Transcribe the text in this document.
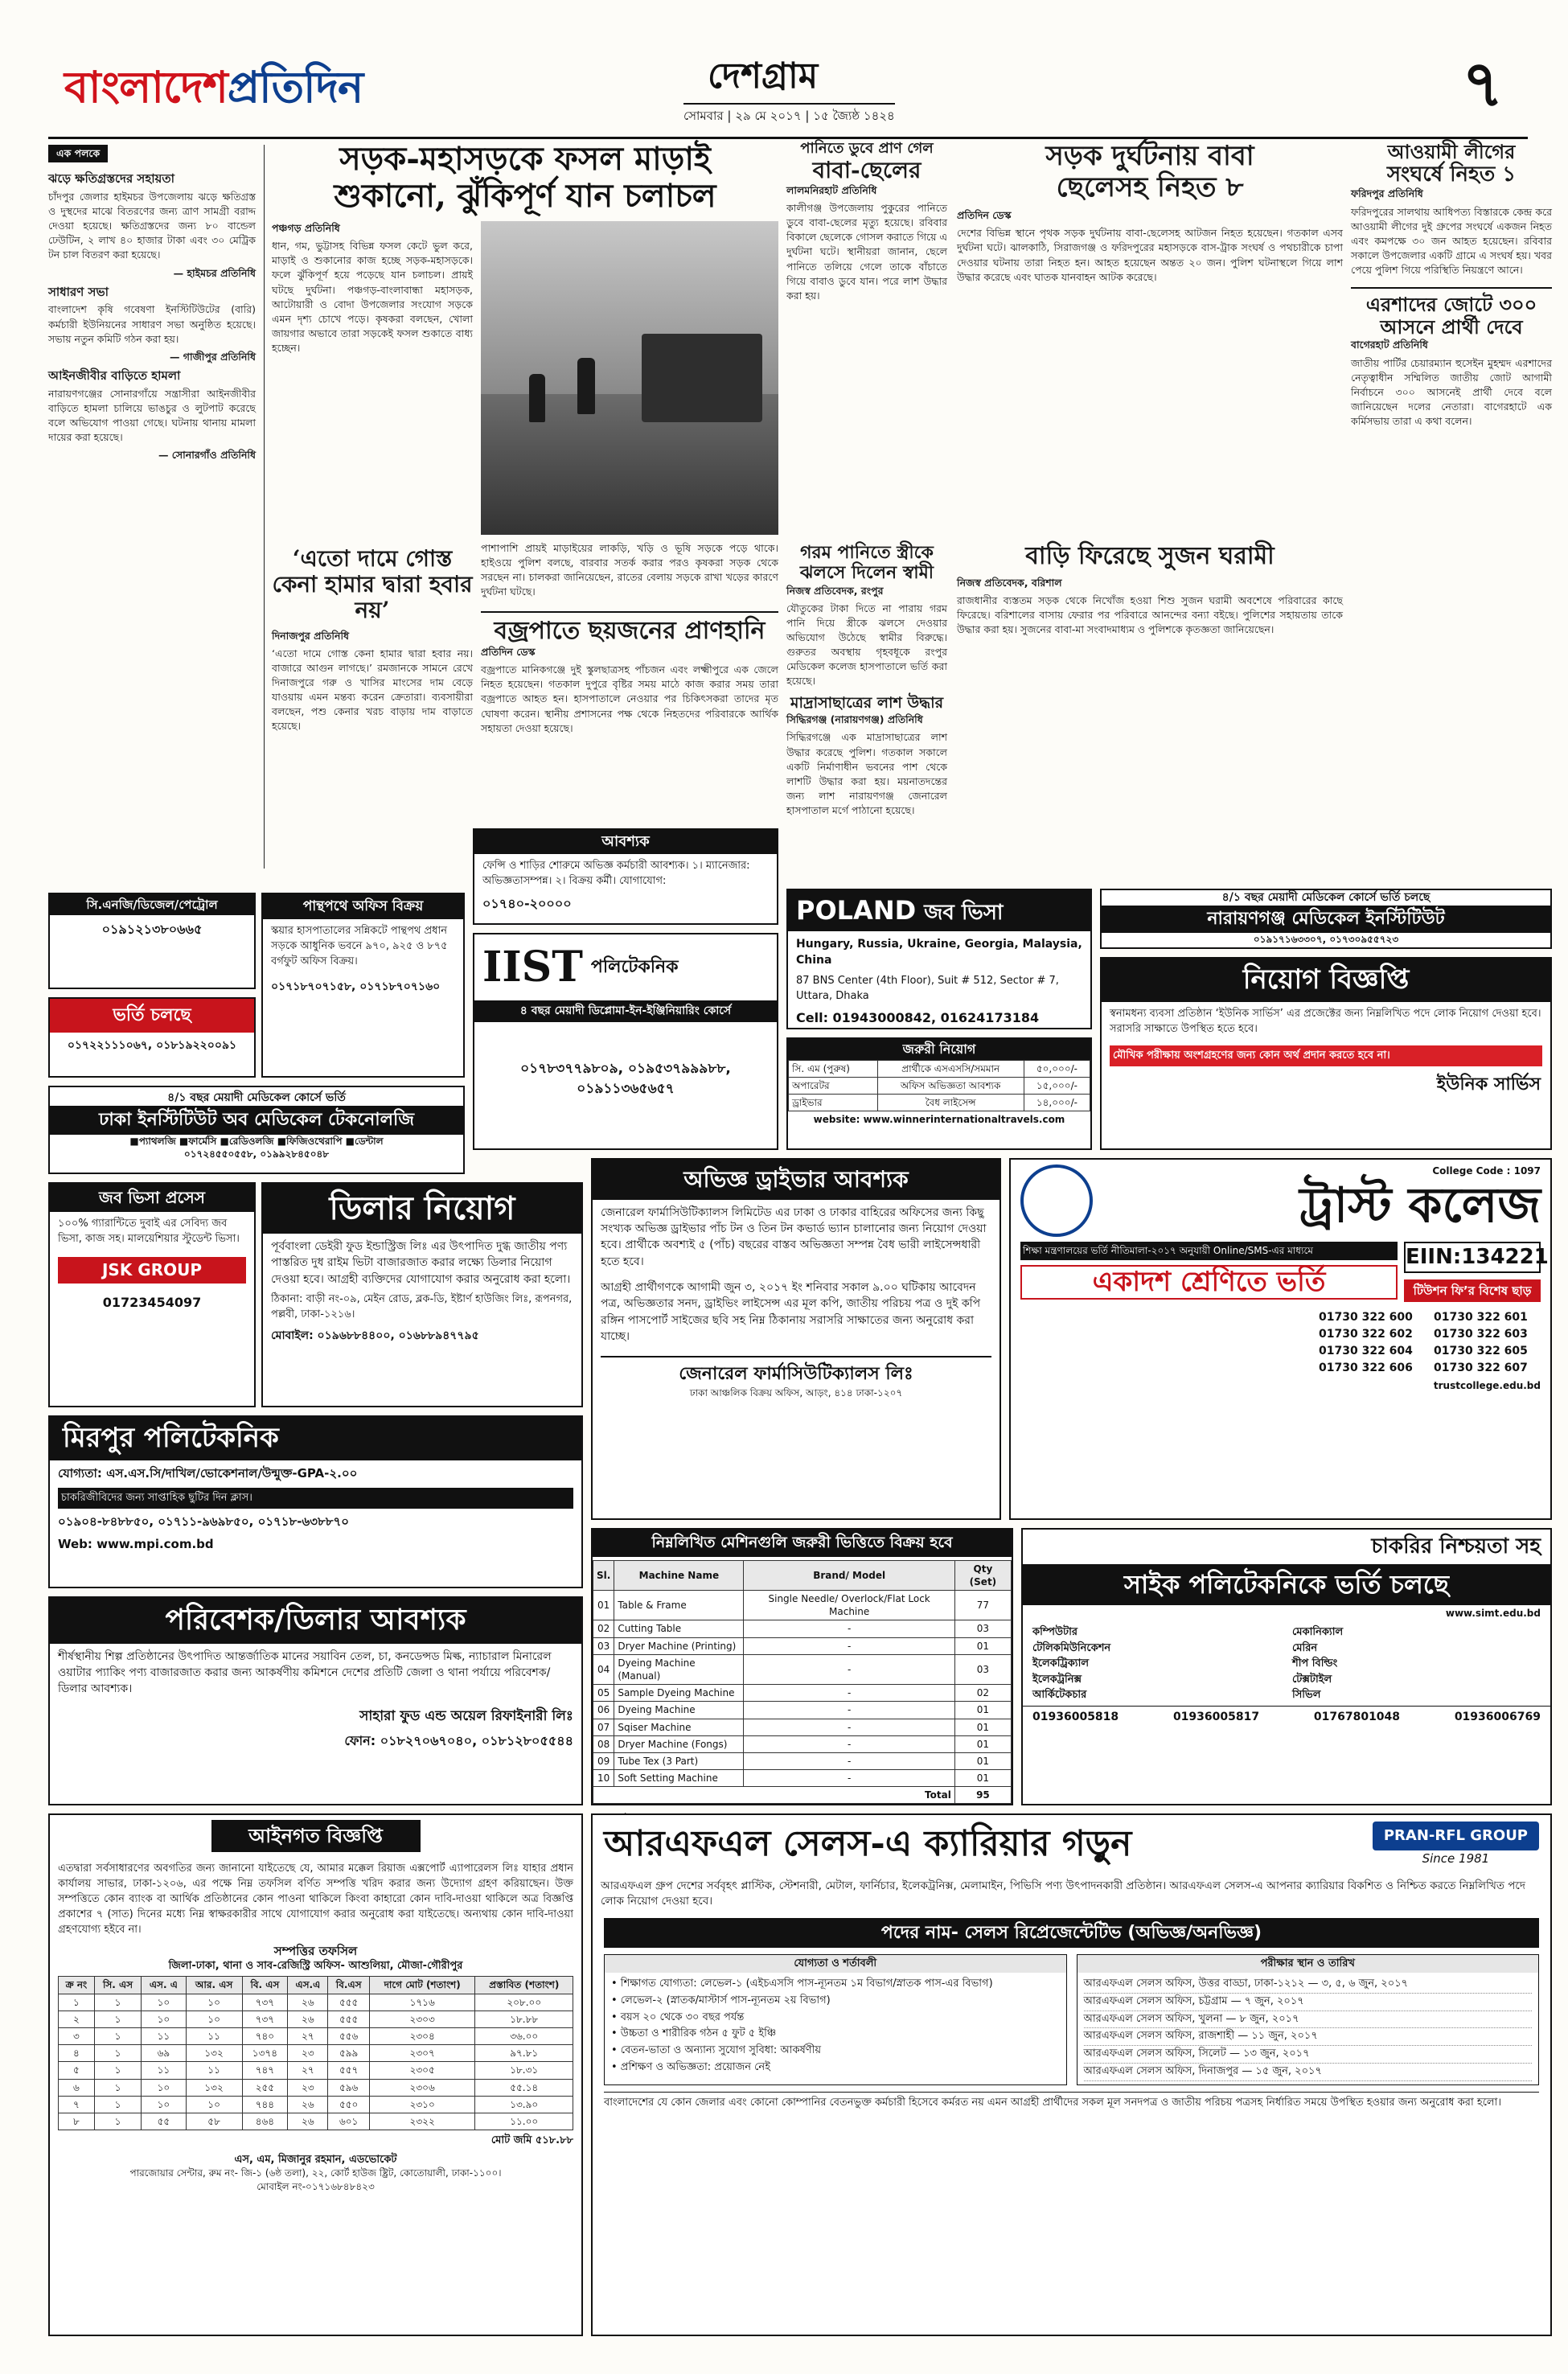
বাংলাদেশপ্রতিদিন	দেশগ্রাম
সোমবার | ২৯ মে ২০১৭ | ১৫ জ্যৈষ্ঠ ১৪২৪	৭
এক পলকে
ঝড়ে ক্ষতিগ্রস্তদের সহায়তা

চাঁদপুর জেলার হাইমচর উপজেলায় ঝড়ে ক্ষতিগ্রস্ত ও দুস্থদের মাঝে বিতরণের জন্য ত্রাণ সামগ্রী বরাদ্দ দেওয়া হয়েছে। ক্ষতিগ্রস্তদের জন্য ৮০ বান্ডেল ঢেউটিন, ২ লাখ ৪০ হাজার টাকা এবং ৩০ মেট্রিক টন চাল বিতরণ করা হয়েছে।

— হাইমচর প্রতিনিধি

সাধারণ সভা

বাংলাদেশ কৃষি গবেষণা ইনস্টিটিউটের (বারি) কর্মচারী ইউনিয়নের সাধারণ সভা অনুষ্ঠিত হয়েছে। সভায় নতুন কমিটি গঠন করা হয়।

— গাজীপুর প্রতিনিধি

আইনজীবীর বাড়িতে হামলা

নারায়ণগঞ্জের সোনারগাঁয়ে সন্ত্রাসীরা আইনজীবীর বাড়িতে হামলা চালিয়ে ভাঙচুর ও লুটপাট করেছে বলে অভিযোগ পাওয়া গেছে। ঘটনায় থানায় মামলা দায়ের করা হয়েছে।

— সোনারগাঁও প্রতিনিধি

সড়ক-মহাসড়কে ফসল মাড়াই
শুকানো, ঝুঁকিপূর্ণ যান চলাচল

পঞ্চগড় প্রতিনিধি

ধান, গম, ভুট্টাসহ বিভিন্ন ফসল কেটে ভুল করে, মাড়াই ও শুকানোর কাজ হচ্ছে সড়ক-মহাসড়কে। ফলে ঝুঁকিপূর্ণ হয়ে পড়েছে যান চলাচল। প্রায়ই ঘটছে দুর্ঘটনা। পঞ্চগড়-বাংলাবান্ধা মহাসড়ক, আটোয়ারী ও বোদা উপজেলার সংযোগ সড়কে এমন দৃশ্য চোখে পড়ে। কৃষকরা বলছেন, খোলা জায়গার অভাবে তারা সড়কেই ফসল শুকাতে বাধ্য হচ্ছেন।

‘এতো দামে গোস্ত কেনা হামার দ্বারা হবার নয়’

দিনাজপুর প্রতিনিধি

‘এতো দামে গোস্ত কেনা হামার দ্বারা হবার নয়। বাজারে আগুন লাগছে।’ রমজানকে সামনে রেখে দিনাজপুরে গরু ও খাসির মাংসের দাম বেড়ে যাওয়ায় এমন মন্তব্য করেন ক্রেতারা। ব্যবসায়ীরা বলছেন, পশু কেনার খরচ বাড়ায় দাম বাড়াতে হয়েছে।

পাশাপাশি প্রায়ই মাড়াইয়ের লাকড়ি, খড়ি ও ভূষি সড়কে পড়ে থাকে। হাইওয়ে পুলিশ বলছে, বারবার সতর্ক করার পরও কৃষকরা সড়ক থেকে সরছেন না। চালকরা জানিয়েছেন, রাতের বেলায় সড়কে রাখা খড়ের কারণে দুর্ঘটনা ঘটছে।

বজ্রপাতে ছয়জনের প্রাণহানি

প্রতিদিন ডেস্ক

বজ্রপাতে মানিকগঞ্জে দুই স্কুলছাত্রসহ পাঁচজন এবং লক্ষ্মীপুরে এক জেলে নিহত হয়েছেন। গতকাল দুপুরে বৃষ্টির সময় মাঠে কাজ করার সময় তারা বজ্রপাতে আহত হন। হাসপাতালে নেওয়ার পর চিকিৎসকরা তাদের মৃত ঘোষণা করেন। স্থানীয় প্রশাসনের পক্ষ থেকে নিহতদের পরিবারকে আর্থিক সহায়তা দেওয়া হয়েছে।

পানিতে ডুবে প্রাণ গেল
বাবা-ছেলের

লালমনিরহাট প্রতিনিধি

কালীগঞ্জ উপজেলায় পুকুরের পানিতে ডুবে বাবা-ছেলের মৃত্যু হয়েছে। রবিবার বিকালে ছেলেকে গোসল করাতে গিয়ে এ দুর্ঘটনা ঘটে। স্থানীয়রা জানান, ছেলে পানিতে তলিয়ে গেলে তাকে বাঁচাতে গিয়ে বাবাও ডুবে যান। পরে লাশ উদ্ধার করা হয়।

সড়ক দুর্ঘটনায় বাবা
ছেলেসহ নিহত ৮

প্রতিদিন ডেস্ক

দেশের বিভিন্ন স্থানে পৃথক সড়ক দুর্ঘটনায় বাবা-ছেলেসহ আটজন নিহত হয়েছেন। গতকাল এসব দুর্ঘটনা ঘটে। ঝালকাঠি, সিরাজগঞ্জ ও ফরিদপুরের মহাসড়কে বাস-ট্রাক সংঘর্ষ ও পথচারীকে চাপা দেওয়ার ঘটনায় তারা নিহত হন। আহত হয়েছেন অন্তত ২০ জন। পুলিশ ঘটনাস্থলে গিয়ে লাশ উদ্ধার করেছে এবং ঘাতক যানবাহন আটক করেছে।

আওয়ামী লীগের
সংঘর্ষে নিহত ১

ফরিদপুর প্রতিনিধি

ফরিদপুরের সালথায় আধিপত্য বিস্তারকে কেন্দ্র করে আওয়ামী লীগের দুই গ্রুপের সংঘর্ষে একজন নিহত এবং কমপক্ষে ৩০ জন আহত হয়েছেন। রবিবার সকালে উপজেলার একটি গ্রামে এ সংঘর্ষ হয়। খবর পেয়ে পুলিশ গিয়ে পরিস্থিতি নিয়ন্ত্রণে আনে।

এরশাদের জোটে ৩০০
আসনে প্রার্থী দেবে

বাগেরহাট প্রতিনিধি

জাতীয় পার্টির চেয়ারম্যান হুসেইন মুহম্মদ এরশাদের নেতৃত্বাধীন সম্মিলিত জাতীয় জোট আগামী নির্বাচনে ৩০০ আসনেই প্রার্থী দেবে বলে জানিয়েছেন দলের নেতারা। বাগেরহাটে এক কর্মিসভায় তারা এ কথা বলেন।

গরম পানিতে স্ত্রীকে
ঝলসে দিলেন স্বামী

নিজস্ব প্রতিবেদক, রংপুর

যৌতুকের টাকা দিতে না পারায় গরম পানি দিয়ে স্ত্রীকে ঝলসে দেওয়ার অভিযোগ উঠেছে স্বামীর বিরুদ্ধে। গুরুতর অবস্থায় গৃহবধূকে রংপুর মেডিকেল কলেজ হাসপাতালে ভর্তি করা হয়েছে।

মাদ্রাসাছাত্রের লাশ উদ্ধার

সিদ্ধিরগঞ্জ (নারায়ণগঞ্জ) প্রতিনিধি

সিদ্ধিরগঞ্জে এক মাদ্রাসাছাত্রের লাশ উদ্ধার করেছে পুলিশ। গতকাল সকালে একটি নির্মাণাধীন ভবনের পাশ থেকে লাশটি উদ্ধার করা হয়। ময়নাতদন্তের জন্য লাশ নারায়ণগঞ্জ জেনারেল হাসপাতাল মর্গে পাঠানো হয়েছে।

বাড়ি ফিরেছে সুজন ঘরামী

নিজস্ব প্রতিবেদক, বরিশাল

রাজধানীর ব্যস্ততম সড়ক থেকে নিখোঁজ হওয়া শিশু সুজন ঘরামী অবশেষে পরিবারের কাছে ফিরেছে। বরিশালের বাসায় ফেরার পর পরিবারে আনন্দের বন্যা বইছে। পুলিশের সহায়তায় তাকে উদ্ধার করা হয়। সুজনের বাবা-মা সংবাদমাধ্যম ও পুলিশকে কৃতজ্ঞতা জানিয়েছেন।

সি.এনজি/ডিজেল/পেট্রোল
০১৯১২১৩৮০৬৬৫
পান্থপথে অফিস বিক্রয়
স্কয়ার হাসপাতালের সন্নিকটে পান্থপথ প্রধান সড়কে আধুনিক ভবনে ৯৭০, ৯২৫ ও ৮৭৫ বর্গফুট অফিস বিক্রয়।
০১৭১৮৭০৭১৫৮, ০১৭১৮৭০৭১৬০
আবশ্যক
ফেন্সি ও শাড়ির শোরুমে অভিজ্ঞ কর্মচারী আবশ্যক। ১। ম্যানেজার: অভিজ্ঞতাসম্পন্ন। ২। বিক্রয় কর্মী। যোগাযোগ:
০১৭৪০-২০০০০	POLAND জব ভিসা
Hungary, Russia, Ukraine, Georgia, Malaysia, China
87 BNS Center (4th Floor), Suit # 512, Sector # 7, Uttara, Dhaka
Cell: 01943000842, 01624173184
৪/১ বছর মেয়াদী মেডিকেল কোর্সে ভর্তি চলছে
নারায়ণগঞ্জ মেডিকেল ইনস্টিটিউট
০১৯১৭১৬৩৩০৭, ০১৭৩০৯৫৫৭২৩
ভর্তি চলছে
০১৭২২১১১০৬৭, ০১৮১৯২২০০৯১
IIST পলিটেকনিক
৪ বছর মেয়াদী ডিপ্লোমা-ইন-ইঞ্জিনিয়ারিং কোর্সে
০১৭৮৩৭৭৯৮০৯, ০১৯৫৩৭৯৯৯৮৮, ০১৯১১৩৬৫৬৫৭
জরুরী নিয়োগ
সি. এম (পুরুষ)	প্রার্থীকে এসএসসি/সমমান	৫০,০০০/-
অপারেটর	অফিস অভিজ্ঞতা আবশ্যক	১৫,০০০/-
ড্রাইভার	বৈধ লাইসেন্স	১৪,০০০/-
website: www.winnerinternationaltravels.com
নিয়োগ বিজ্ঞপ্তি
স্বনামধন্য ব্যবসা প্রতিষ্ঠান ‘ইউনিক সার্ভিস’ এর প্রজেক্টের জন্য নিম্নলিখিত পদে লোক নিয়োগ দেওয়া হবে। সরাসরি সাক্ষাতে উপস্থিত হতে হবে।
মৌখিক পরীক্ষায় অংশগ্রহণের জন্য কোন অর্থ প্রদান করতে হবে না।
ইউনিক সার্ভিস
৪/১ বছর মেয়াদী মেডিকেল কোর্সে ভর্তি
ঢাকা ইনস্টিটিউট অব মেডিকেল টেকনোলজি
■প্যাথলজি ■ফার্মেসি ■রেডিওলজি ■ফিজিওথেরাপি ■ডেন্টাল
০১৭২৪৫৫০৫৫৮, ০১৯৯২৮৪৫০৪৮
জব ভিসা প্রসেস
১০০% গ্যারান্টিতে দুবাই এর সেবিদ্য জব ভিসা, কাজ সহ। মালয়েশিয়ার স্টুডেন্ট ভিসা।
JSK GROUP
01723454097
ডিলার নিয়োগ
পূর্ববাংলা ডেইরী ফুড ইন্ডাস্ট্রিজ লিঃ এর উৎপাদিত দুগ্ধ জাতীয় পণ্য পাস্তরিত দুধ রাইম ভিটা বাজারজাত করার লক্ষ্যে ডিলার নিয়োগ দেওয়া হবে। আগ্রহী ব্যক্তিদের যোগাযোগ করার অনুরোধ করা হলো।
ঠিকানা: বাড়ী নং-০৯, মেইন রোড, ব্লক-ডি, ইষ্টার্ণ হাউজিং লিঃ, রূপনগর, পল্লবী, ঢাকা-১২১৬।
মোবাইল: ০১৯৬৮৮৪৪০০, ০১৬৮৮৯৪৭৭৯৫
অভিজ্ঞ ড্রাইভার আবশ্যক
জেনারেল ফার্মাসিউটিক্যালস লিমিটেড এর ঢাকা ও ঢাকার বাহিরের অফিসের জন্য কিছু সংখ্যক অভিজ্ঞ ড্রাইভার পাঁচ টন ও তিন টন কভার্ড ভ্যান চালানোর জন্য নিয়োগ দেওয়া হবে। প্রার্থীকে অবশ্যই ৫ (পাঁচ) বছরের বাস্তব অভিজ্ঞতা সম্পন্ন বৈধ ভারী লাইসেন্সধারী হতে হবে।
আগ্রহী প্রার্থীগণকে আগামী জুন ৩, ২০১৭ ইং শনিবার সকাল ৯.০০ ঘটিকায় আবেদন পত্র, অভিজ্ঞতার সনদ, ড্রাইভিং লাইসেন্স এর মূল কপি, জাতীয় পরিচয় পত্র ও দুই কপি রঙ্গিন পাসপোর্ট সাইজের ছবি সহ নিম্ন ঠিকানায় সরাসরি সাক্ষাতের জন্য অনুরোধ করা যাচ্ছে।
জেনারেল ফার্মাসিউটিক্যালস লিঃ
ঢাকা আঞ্চলিক বিক্রয় অফিস, আড়ং, ৪১৪ ঢাকা-১২০৭
College Code : 1097
ট্রাস্ট কলেজ
শিক্ষা মন্ত্রণালয়ের ভর্তি নীতিমালা-২০১৭ অনুযায়ী Online/SMS-এর মাধ্যমে
একাদশ শ্রেণিতে ভর্তি
EIIN:134221
টিউশন ফি’র বিশেষ ছাড়
01730 322 600	01730 322 601
01730 322 602	01730 322 603
01730 322 604	01730 322 605
01730 322 606	01730 322 607
trustcollege.edu.bd
মিরপুর পলিটেকনিক
যোগ্যতা: এস.এস.সি/দাখিল/ভোকেশনাল/উন্মুক্ত-GPA-২.০০
চাকরিজীবিদের জন্য সাপ্তাহিক ছুটির দিন ক্লাস।
০১৯০৪-৮৪৮৮৫০, ০১৭১১-৯৬৯৮৫০, ০১৭১৮-৬৩৮৮৭০
Web: www.mpi.com.bd
পরিবেশক/ডিলার আবশ্যক
শীর্ষস্থানীয় শিল্প প্রতিষ্ঠানের উৎপাদিত আন্তর্জাতিক মানের সয়াবিন তেল, চা, কনডেন্সড মিল্ক, ন্যাচারাল মিনারেল ওয়াটার প্যাকিং পণ্য বাজারজাত করার জন্য আকর্ষণীয় কমিশনে দেশের প্রতিটি জেলা ও থানা পর্যায়ে পরিবেশক/ডিলার আবশ্যক।
সাহারা ফুড এন্ড অয়েল রিফাইনারী লিঃ
ফোন: ০১৮২৭০৬৭০৪০, ০১৮১২৮০৫৫৪৪
নিম্নলিখিত মেশিনগুলি জরুরী ভিত্তিতে বিক্রয় হবে
Sl.	Machine Name	Brand/ Model	Qty (Set)
01	Table & Frame	Single Needle/ Overlock/Flat Lock Machine	77
02	Cutting Table	-	03
03	Dryer Machine (Printing)	-	01
04	Dyeing Machine (Manual)	-	03
05	Sample Dyeing Machine	-	02
06	Dyeing Machine	-	01
07	Sqiser Machine	-	01
08	Dryer Machine (Fongs)	-	01
09	Tube Tex (3 Part)	-	01
10	Soft Setting Machine	-	01
Total			95
চাকরির নিশ্চয়তা সহ
সাইক পলিটেকনিকে ভর্তি চলছে
www.simt.edu.bd
কম্পিউটার	মেকানিক্যাল
টেলিকমিউনিকেশন	মেরিন
ইলেকট্রিক্যাল	শীপ বিল্ডিং
ইলেকট্রনিক্স	টেক্সটাইল
আর্কিটেকচার	সিভিল
01936005818	01936005817	01767801048	01936006769
আইনগত বিজ্ঞপ্তি
এতদ্বারা সর্বসাধারণের অবগতির জন্য জানানো যাইতেছে যে, আমার মক্কেল রিয়াজ এক্সপোর্ট এ্যাপারেলস লিঃ যাহার প্রধান কার্যালয় সাভার, ঢাকা-১২০৬, এর পক্ষে নিম্ন তফসিল বর্ণিত সম্পত্তি খরিদ করার জন্য উদ্যোগ গ্রহণ করিয়াছেন। উক্ত সম্পত্তিতে কোন ব্যাংক বা আর্থিক প্রতিষ্ঠানের কোন পাওনা থাকিলে কিংবা কাহারো কোন দাবি-দাওয়া থাকিলে অত্র বিজ্ঞপ্তি প্রকাশের ৭ (সাত) দিনের মধ্যে নিম্ন স্বাক্ষরকারীর সাথে যোগাযোগ করার অনুরোধ করা যাইতেছে। অন্যথায় কোন দাবি-দাওয়া গ্রহণযোগ্য হইবে না।
সম্পত্তির তফসিল
জিলা-ঢাকা, থানা ও সাব-রেজিস্ট্রি অফিস- আশুলিয়া, মৌজা-গৌরীপুর
ক্র নং	সি. এস	এস. এ	আর. এস	বি. এস	এস.এ	বি.এস	দাগে মোট (শতাংশ)	প্রস্তাবিত (শতাংশ)
১	১	১০	১০	৭৩৭	২৬	৫৫৫	১৭১৬	২০৮.০০
২	১	১০	১০	৭৩৭	২৬	৫৫৫	২৩০৩	১৮.৮৮
৩	১	১১	১১	৭৪০	২৭	৫৫৬	২৩০৪	৩৬.০০
৪	১	৬৯	১৩২	১৩৭৪	২৩	৫৯৯	২৩০৭	৯৭.৮১
৫	১	১১	১১	৭৪৭	২৭	৫৫৭	২৩০৫	১৮.৩১
৬	১	১০	১৩২	২৫৫	২৩	৫৯৬	২৩০৬	৫৫.১৪
৭	১	১০	১০	৭৪৪	২৬	৫৫০	২৩১০	১৩.৯০
৮	১	৫৫	৫৮	৪৬৪	২৬	৬০১	২৩২২	১১.০০
মোট জমি ৫১৮.৮৮
এস, এম, মিজানুর রহমান, এডভোকেট
পারজোয়ার সেন্টার, রুম নং- জি-১ (৬ষ্ঠ তলা), ২২, কোর্ট হাউজ ষ্ট্রিট, কোতোয়ালী, ঢাকা-১১০০।
মোবাইল নং-০১৭১৬৮৪৮৪২৩
আরএফএল সেলস-এ ক্যারিয়ার গড়ুন	PRAN-RFL GROUP
Since 1981
আরএফএল গ্রুপ দেশের সর্ববৃহৎ প্লাস্টিক, স্টেশনারী, মেটাল, ফার্নিচার, ইলেকট্রনিক্স, মেলামাইন, পিভিসি পণ্য উৎপাদনকারী প্রতিষ্ঠান। আরএফএল সেলস-এ আপনার ক্যারিয়ার বিকশিত ও নিশ্চিত করতে নিম্নলিখিত পদে লোক নিয়োগ দেওয়া হবে।
পদের নাম- সেলস রিপ্রেজেন্টেটিভ (অভিজ্ঞ/অনভিজ্ঞ)
যোগ্যতা ও শর্তাবলী
• শিক্ষাগত যোগ্যতা: লেভেল-১ (এইচএসসি পাস-ন্যূনতম ১ম বিভাগ/স্নাতক পাস-এর বিভাগ)
• লেভেল-২ (স্নাতক/মাস্টার্স পাস-ন্যূনতম ২য় বিভাগ)
• বয়স ২০ থেকে ৩০ বছর পর্যন্ত
• উচ্চতা ও শারীরিক গঠন ৫ ফুট ৫ ইঞ্চি
• বেতন-ভাতা ও অন্যান্য সুযোগ সুবিধা: আকর্ষণীয়
• প্রশিক্ষণ ও অভিজ্ঞতা: প্রয়োজন নেই
পরীক্ষার স্থান ও তারিখ
আরএফএল সেলস অফিস, উত্তর বাড্ডা, ঢাকা-১২১২ — ৩, ৫, ৬ জুন, ২০১৭
আরএফএল সেলস অফিস, চট্টগ্রাম — ৭ জুন, ২০১৭
আরএফএল সেলস অফিস, খুলনা — ৮ জুন, ২০১৭
আরএফএল সেলস অফিস, রাজশাহী — ১১ জুন, ২০১৭
আরএফএল সেলস অফিস, সিলেট — ১৩ জুন, ২০১৭
আরএফএল সেলস অফিস, দিনাজপুর — ১৫ জুন, ২০১৭
বাংলাদেশের যে কোন জেলার এবং কোনো কোম্পানির বেতনভুক্ত কর্মচারী হিসেবে কর্মরত নয় এমন আগ্রহী প্রার্থীদের সকল মূল সনদপত্র ও জাতীয় পরিচয় পত্রসহ নির্ধারিত সময়ে উপস্থিত হওয়ার জন্য অনুরোধ করা হলো।
